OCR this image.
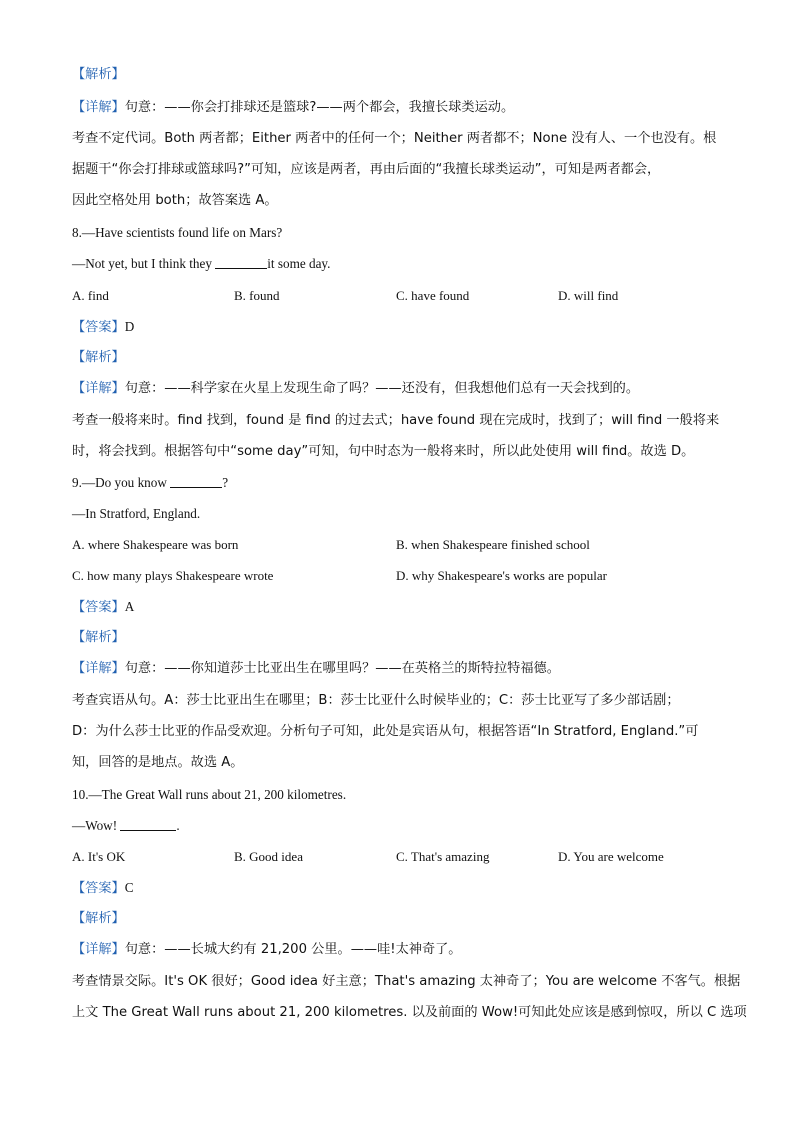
【解析】
【详解】句意：——你会打排球还是篮球?——两个都会，我擅长球类运动。
考查不定代词。Both 两者都；Either 两者中的任何一个；Neither 两者都不；None 没有人、一个也没有。根
据题干“你会打排球或篮球吗?”可知，应该是两者，再由后面的“我擅长球类运动”，可知是两者都会，
因此空格处用 both；故答案选 A。
8.—Have scientists found life on Mars?
—Not yet, but I think they	it some day.
A. find	B. found	C. have found	D. will find
【答案】D
【解析】
【详解】句意：——科学家在火星上发现生命了吗？——还没有，但我想他们总有一天会找到的。
考查一般将来时。find 找到，found 是 find 的过去式；have found 现在完成时，找到了；will find 一般将来
时，将会找到。根据答句中“some day”可知，句中时态为一般将来时，所以此处使用 will find。故选 D。
9.—Do you know	?
—In Stratford, England.
A. where Shakespeare was born	B. when Shakespeare finished school
C. how many plays Shakespeare wrote	D. why Shakespeare's works are popular
【答案】A
【解析】
【详解】句意：——你知道莎士比亚出生在哪里吗？——在英格兰的斯特拉特福德。
考查宾语从句。A：莎士比亚出生在哪里；B：莎士比亚什么时候毕业的；C：莎士比亚写了多少部话剧；
D：为什么莎士比亚的作品受欢迎。分析句子可知，此处是宾语从句，根据答语“In Stratford, England.”可
知，回答的是地点。故选 A。
10.—The Great Wall runs about 21, 200 kilometres.
—Wow!	.
A. It's OK	B. Good idea	C. That's amazing	D. You are welcome
【答案】C
【解析】
【详解】句意：——长城大约有 21,200 公里。——哇!太神奇了。
考查情景交际。It's OK 很好；Good idea 好主意；That's amazing 太神奇了；You are welcome 不客气。根据
上文 The Great Wall runs about 21, 200 kilometres. 以及前面的 Wow!可知此处应该是感到惊叹，所以 C 选项
